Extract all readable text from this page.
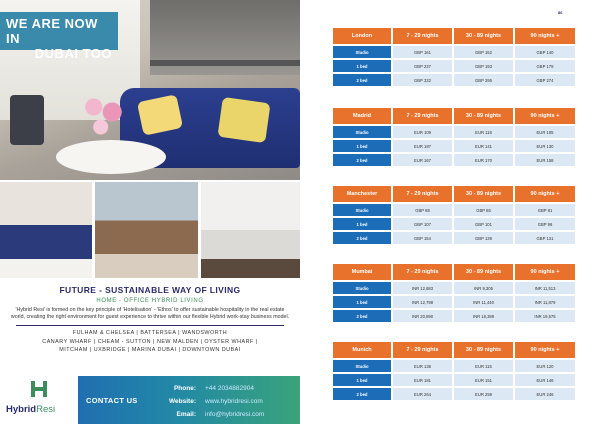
WE ARE NOW IN
DUBAI TOO
FUTURE - SUSTAINABLE WAY OF LIVING
HOME - OFFICE HYBRID LIVING
'Hybrid Resi' is formed on the key principle of 'Hotelisation' - 'Ethos' to offer sustainable hospitality in the real estate world, creating the right environment for guest experience to thrive within our flexible Hybrid work-stay business model.
FULHAM & CHELSEA | BATTERSEA | WANDSWORTH
CANARY WHARF | CHEAM - SUTTON | NEW MALDEN | OYSTER WHARF |
MITCHAM | UXBRIDGE | MARINA DUBAI | DOWNTOWN DUBAI
HybridResi
CONTACT US
Phone: +44 2034882904
Website: www.hybridresi.com
Email: info@hybridresi.com
86
London	7 - 29 nights	30 - 89 nights	90 nights +
Studio	GBP 161	GBP 152	GBP 140
1 bed	GBP 237	GBP 193	GBP 179
2 bed	GBP 332	GBP 295	GBP 274
Madrid	7 - 29 nights	30 - 89 nights	90 nights +
Studio	EUR 109	EUR 118	EUR 105
1 bed	EUR 187	EUR 141	EUR 130
2 bed	EUR 167	EUR 170	EUR 158
Manchester	7 - 29 nights	30 - 89 nights	90 nights +
Studio	GBP 88	GBP 86	GBP 81
1 bed	GBP 107	GBP 101	GBP 96
2 bed	GBP 154	GBP 139	GBP 131
Mumbai	7 - 29 nights	30 - 89 nights	90 nights +
Studio	INR 12,683	INR 9,305	INR 11,513
1 bed	INR 12,798	INR 11,440	INR 11,879
2 bed	INR 20,890	INR 18,389	INR 19,575
Munich	7 - 29 nights	30 - 89 nights	90 nights +
Studio	EUR 138	EUR 115	EUR 120
1 bed	EUR 181	EUR 151	EUR 146
2 bed	EUR 264	EUR 259	EUR 246
